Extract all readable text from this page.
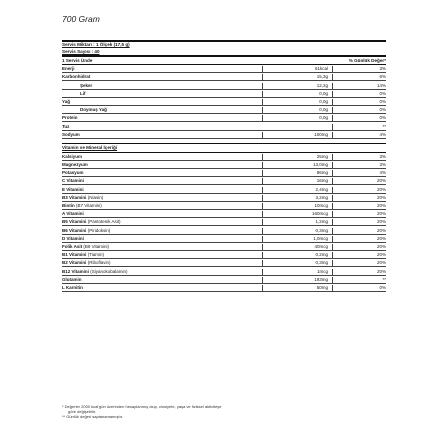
700 Gram
Servis Miktarı : 1 Ölçek (17,5 g)
Servis Sayısı : 40
1 Servis Ünde	% Günlük Değer*
Enerji	61kcal	3%
Karbonhidrat	15,3g	6%
Şeker	12,2g	14%
Lif	0,0g	0%
Yağ	0,0g	0%
Doymuş Yağ	0,0g	0%
Protein	0,0g	0%
Tuz	**
Sodyum	100mg	4%
Vitamin ve Mineral İçeriği
Kalsiyum	25mg	3%
Magnezyum	13,0mg	3%
Potasyum	86mg	4%
C Vitamini	16mg	20%
E Vitamini	2,4mg	20%
B3 Vitamini (Niasin)	3,2mg	20%
Biotin (B7 Vitamini)	10mcg	20%
A Vitamini	160mcg	20%
B5 Vitamini (Pantotenik Asit)	1,2mg	20%
B6 Vitamini (Piridoksin)	0,3mg	20%
D Vitamini	1,0mcg	20%
Folik Asit (B9 Vitamini)	40mcg	20%
B1 Vitamini (Tiamin)	0,2mg	20%
B2 Vitamini (Riboflavin)	0,3mg	20%
B12 Vitamini (Siyanokobalamin)	1mcg	20%
Glutamin	193mg	**
L Karnitin	50mg	0%

* Değerler 2000 kcal'gün üzerinden hesaplanmış olup, cinsiyete, yaşa ve fiziksel aktiviteye

göre değişebilir.

** Günlük değeri saptanamamıştır.
